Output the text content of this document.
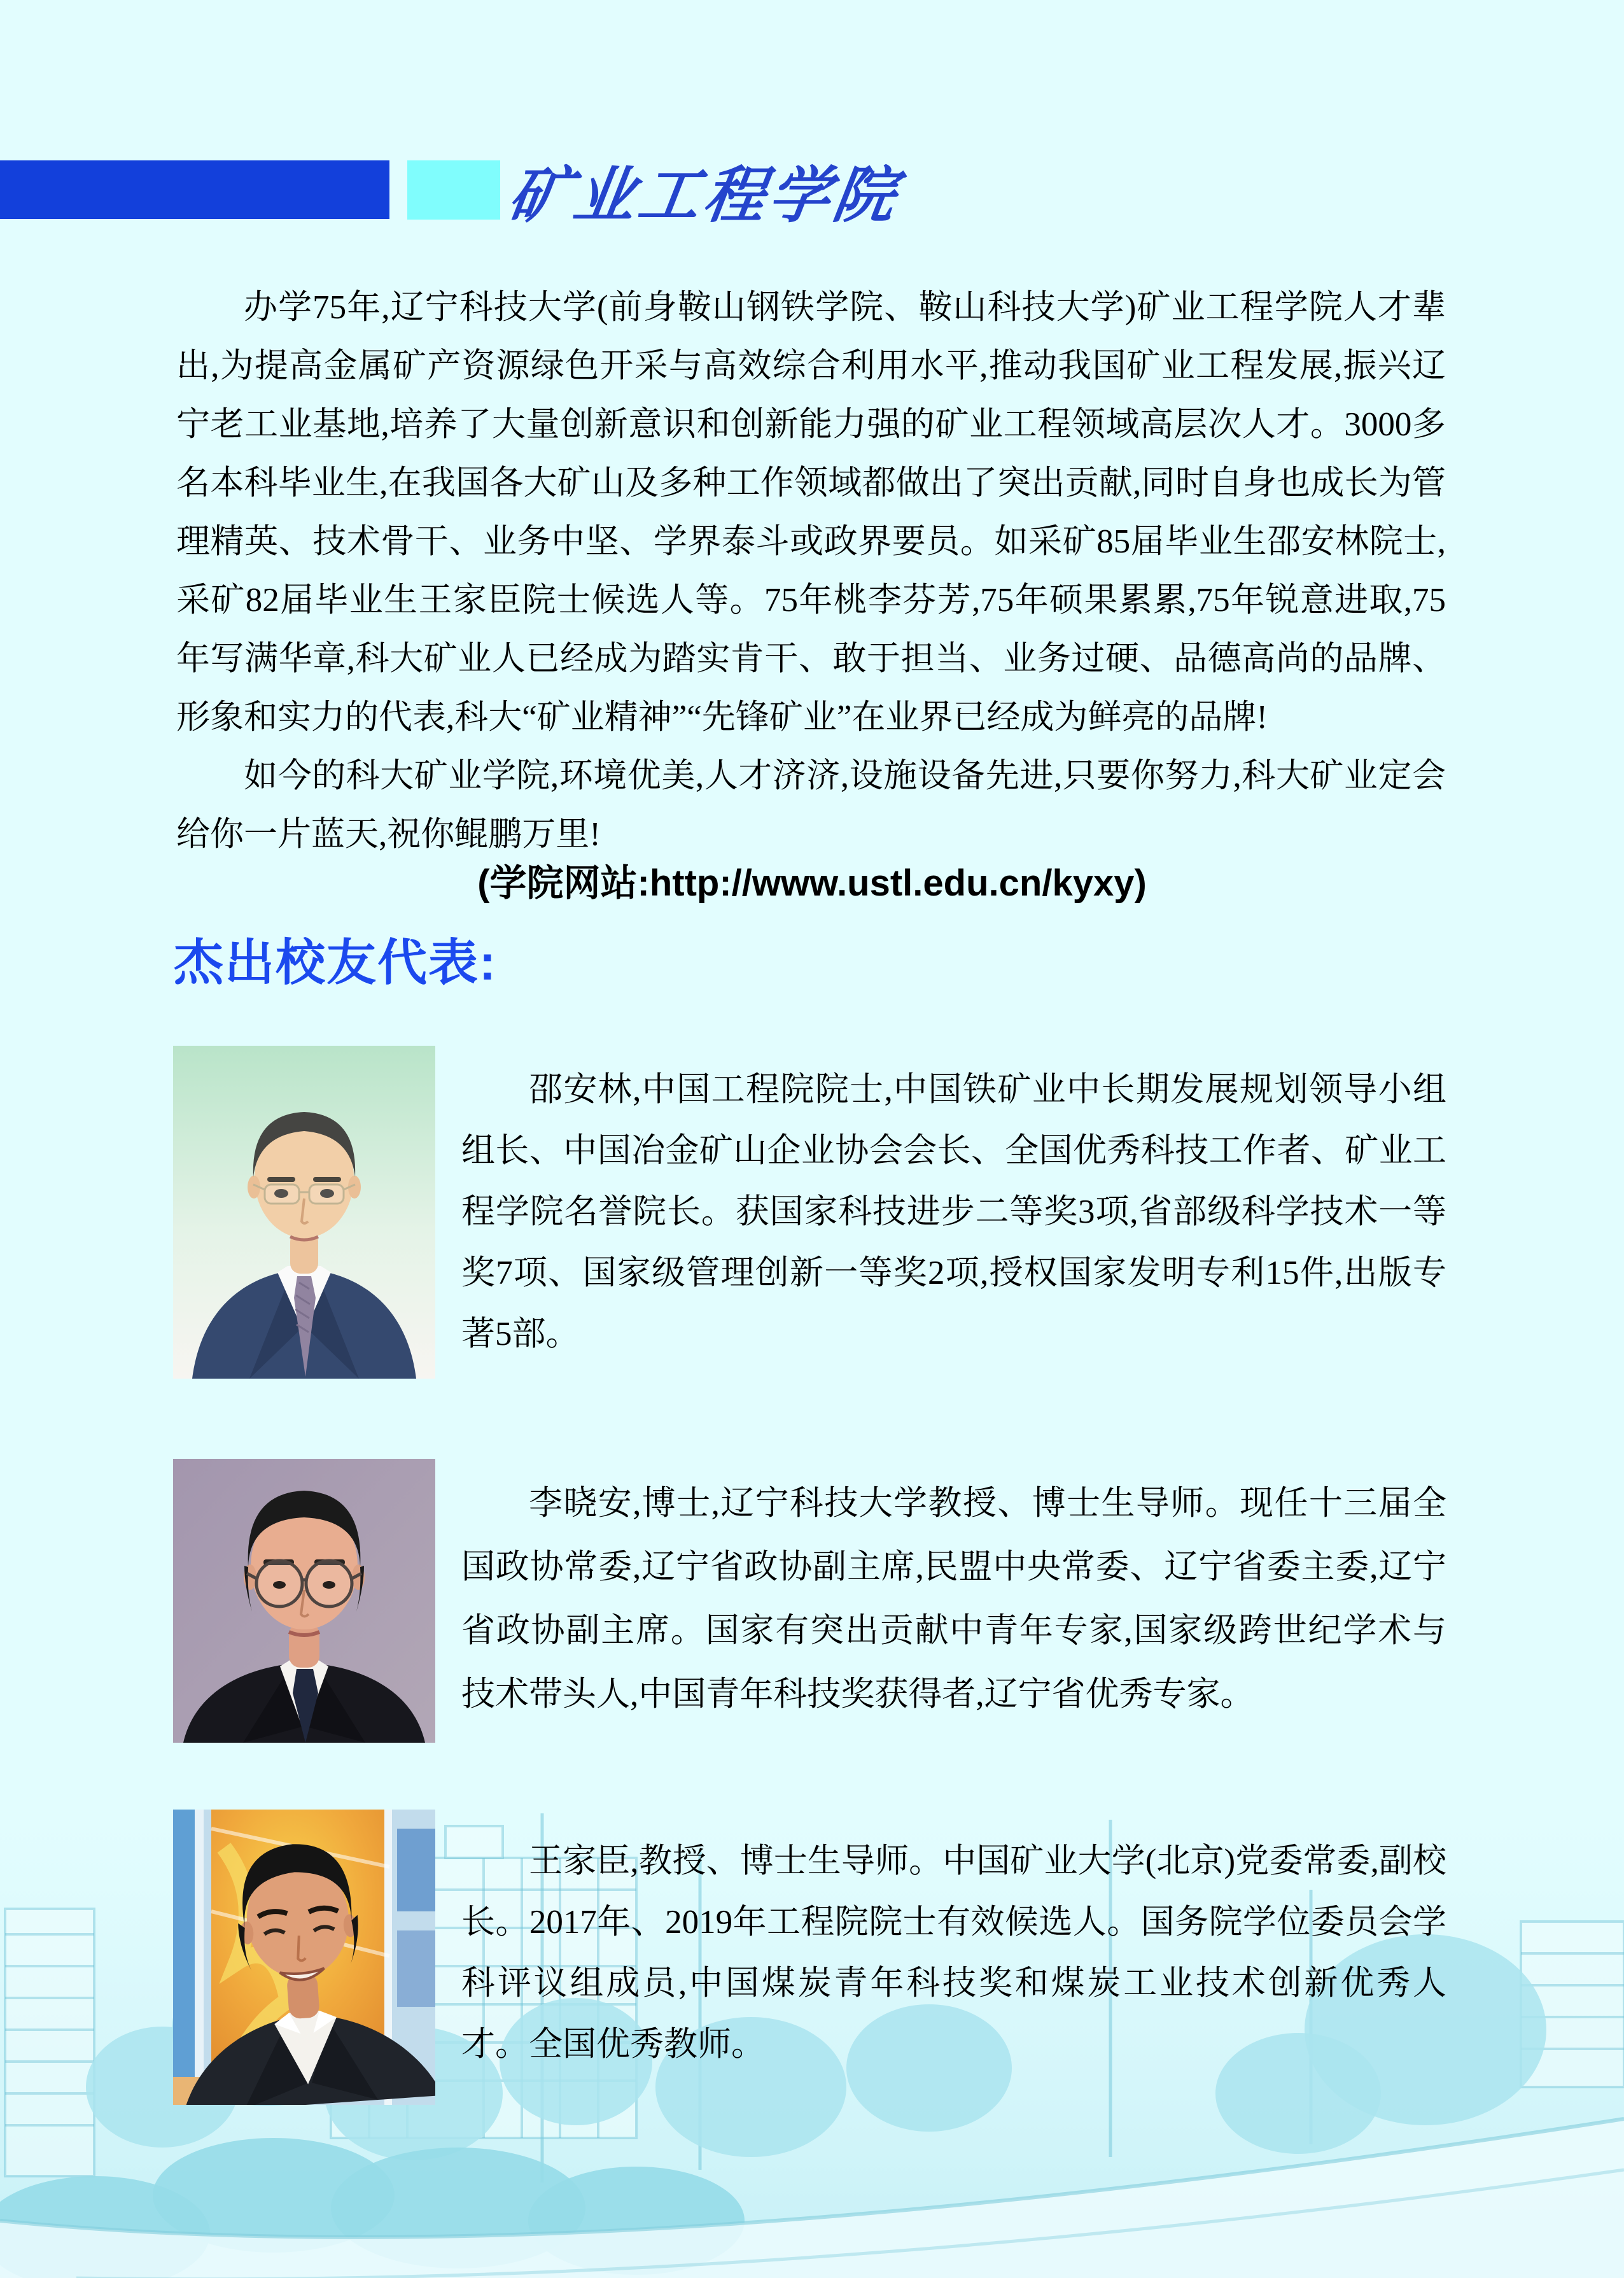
矿业工程学院

办学75年,辽宁科技大学(前身鞍山钢铁学院、鞍山科技大学)矿业工程学院人才辈出,为提高金属矿产资源绿色开采与高效综合利用水平,推动我国矿业工程发展,振兴辽宁老工业基地,培养了大量创新意识和创新能力强的矿业工程领域高层次人才。3000多名本科毕业生,在我国各大矿山及多种工作领域都做出了突出贡献,同时自身也成长为管理精英、技术骨干、业务中坚、学界泰斗或政界要员。如采矿85届毕业生邵安林院士,采矿82届毕业生王家臣院士候选人等。75年桃李芬芳,75年硕果累累,75年锐意进取,75年写满华章,科大矿业人已经成为踏实肯干、敢于担当、业务过硬、品德高尚的品牌、形象和实力的代表,科大“矿业精神”“先锋矿业”在业界已经成为鲜亮的品牌!

如今的科大矿业学院,环境优美,人才济济,设施设备先进,只要你努力,科大矿业定会给你一片蓝天,祝你鲲鹏万里!

(学院网站:http://www.ustl.edu.cn/kyxy)
杰出校友代表:
邵安林,中国工程院院士,中国铁矿业中长期发展规划领导小组组长、中国冶金矿山企业协会会长、全国优秀科技工作者、矿业工程学院名誉院长。获国家科技进步二等奖3项,省部级科学技术一等奖7项、国家级管理创新一等奖2项,授权国家发明专利15件,出版专著5部。
李晓安,博士,辽宁科技大学教授、博士生导师。现任十三届全国政协常委,辽宁省政协副主席,民盟中央常委、辽宁省委主委,辽宁省政协副主席。国家有突出贡献中青年专家,国家级跨世纪学术与技术带头人,中国青年科技奖获得者,辽宁省优秀专家。
王家臣,教授、博士生导师。中国矿业大学(北京)党委常委,副校长。2017年、2019年工程院院士有效候选人。国务院学位委员会学科评议组成员,中国煤炭青年科技奖和煤炭工业技术创新优秀人才。全国优秀教师。
